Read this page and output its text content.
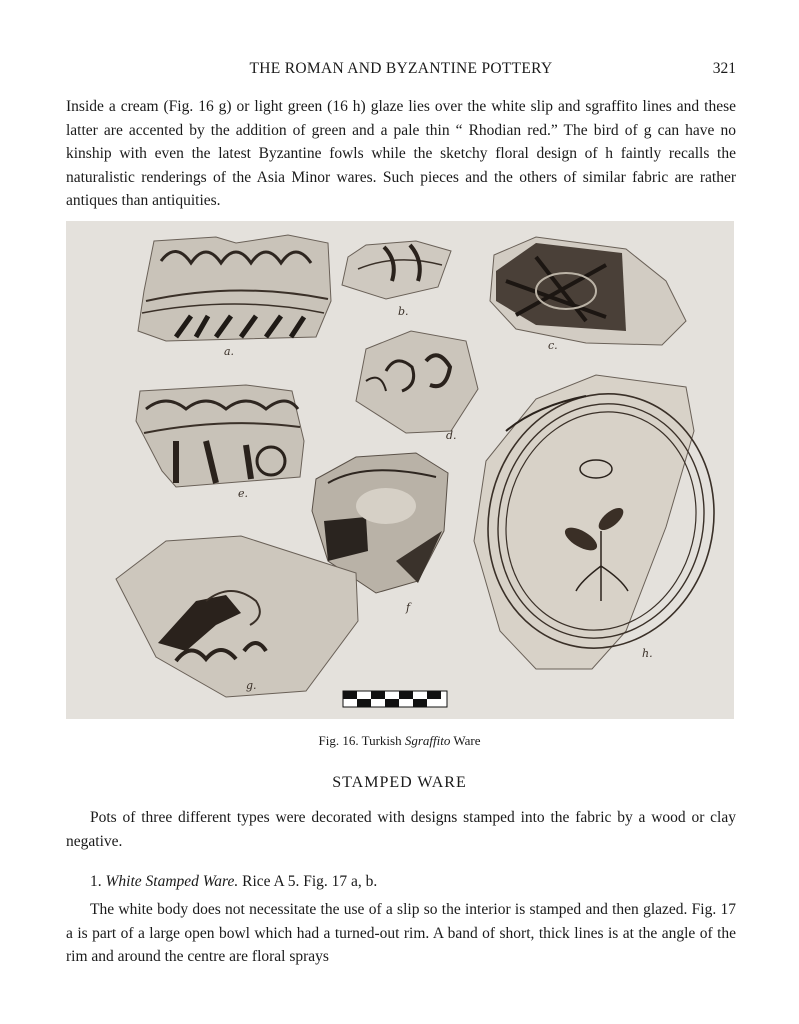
THE ROMAN AND BYZANTINE POTTERY	321

Inside a cream (Fig. 16 g) or light green (16 h) glaze lies over the white slip and sgraffito lines and these latter are accented by the addition of green and a pale thin “ Rhodian red.” The bird of g can have no kinship with even the latest Byzantine fowls while the sketchy floral design of h faintly recalls the naturalistic renderings of the Asia Minor wares. Such pieces and the others of similar fabric are rather antiques than antiquities.

a.
b.
c.
d.
e.
f
g.
h.
Fig. 16. Turkish Sgraffito Ware
STAMPED WARE

Pots of three different types were decorated with designs stamped into the fabric by a wood or clay negative.

1. White Stamped Ware. Rice A 5. Fig. 17 a, b.

The white body does not necessitate the use of a slip so the interior is stamped and then glazed. Fig. 17 a is part of a large open bowl which had a turned-out rim. A band of short, thick lines is at the angle of the rim and around the centre are floral sprays
